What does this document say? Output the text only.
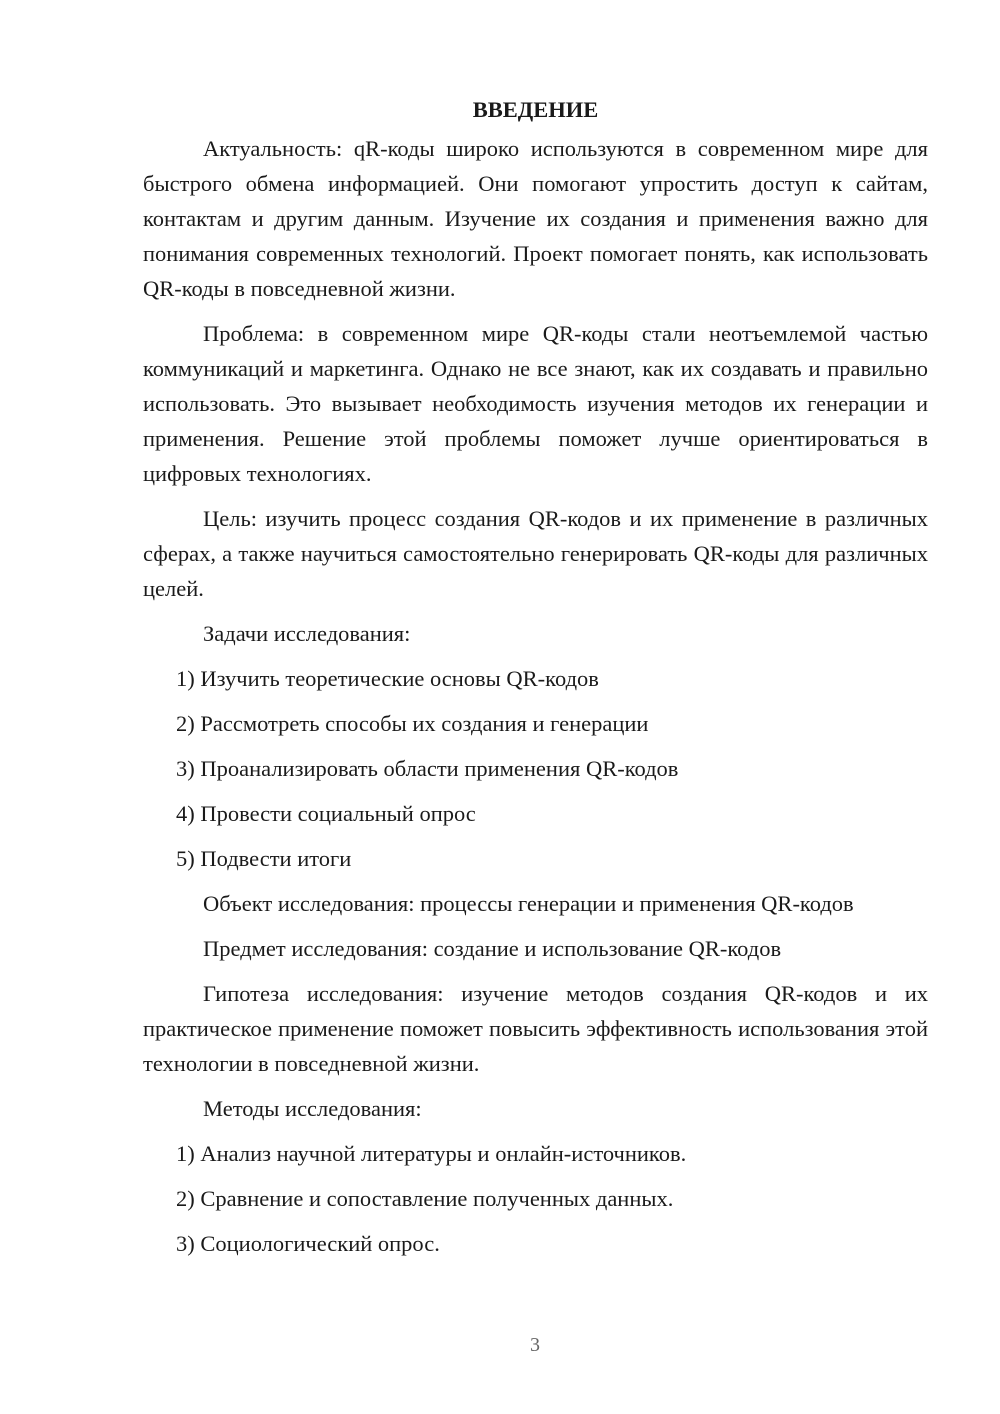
ВВЕДЕНИЕ
Актуальность: qR-коды широко используются в современном мире для быстрого обмена информацией. Они помогают упростить доступ к сайтам, контактам и другим данным. Изучение их создания и применения важно для понимания современных технологий. Проект помогает понять, как использовать QR-коды в повседневной жизни.
Проблема: в современном мире QR-коды стали неотъемлемой частью коммуникаций и маркетинга. Однако не все знают, как их создавать и правильно использовать. Это вызывает необходимость изучения методов их генерации и применения. Решение этой проблемы поможет лучше ориентироваться в цифровых технологиях.
Цель: изучить процесс создания QR-кодов и их применение в различных сферах, а также научиться самостоятельно генерировать QR-коды для различных целей.
Задачи исследования:
1) Изучить теоретические основы QR-кодов
2) Рассмотреть способы их создания и генерации
3) Проанализировать области применения QR-кодов
4) Провести социальный опрос
5) Подвести итоги
Объект исследования: процессы генерации и применения QR-кодов
Предмет исследования: создание и использование QR-кодов
Гипотеза исследования: изучение методов создания QR-кодов и их практическое применение поможет повысить эффективность использования этой технологии в повседневной жизни.
Методы исследования:
1) Анализ научной литературы и онлайн-источников.
2) Сравнение и сопоставление полученных данных.
3) Социологический опрос.
3
